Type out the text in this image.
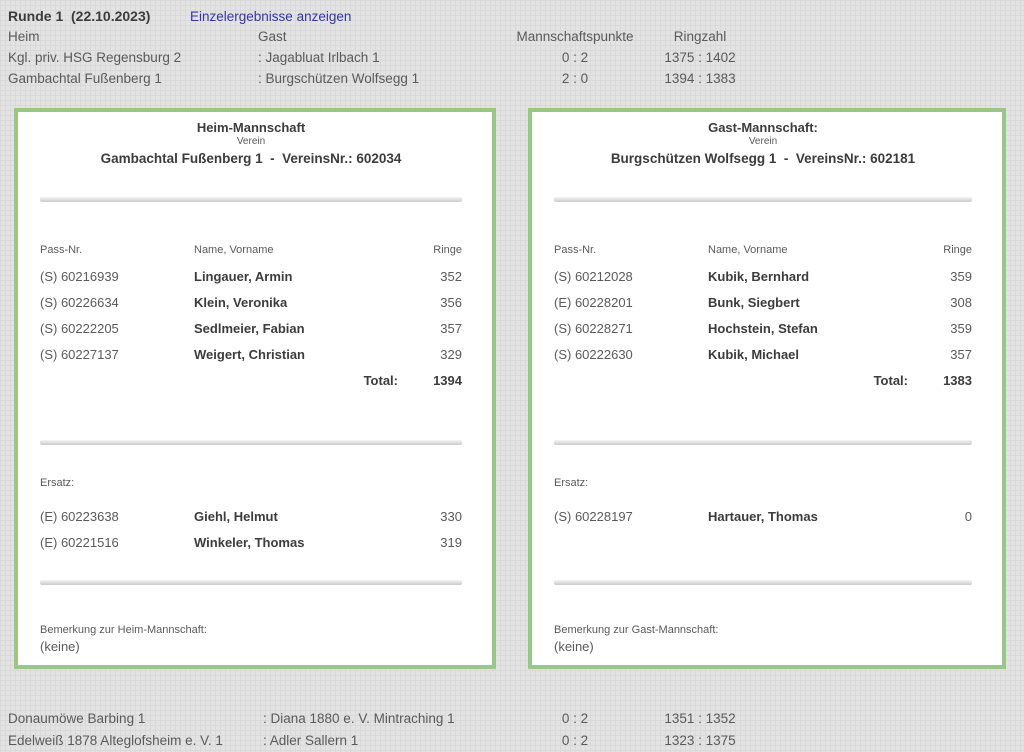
Runde 1  (22.10.2023)	Einzelergebnisse anzeigen
Heim	Gast	Mannschaftspunkte	Ringzahl
Kgl. priv. HSG Regensburg 2	: Jagabluat Irlbach 1	0 : 2	1375 : 1402
Gambachtal Fußenberg 1	: Burgschützen Wolfsegg 1	2 : 0	1394 : 1383
Heim-Mannschaft
Verein
Gambachtal Fußenberg 1  -  VereinsNr.: 602034
Pass-Nr.	Name, Vorname	Ringe
(S) 60216939	Lingauer, Armin	352
(S) 60226634	Klein, Veronika	356
(S) 60222205	Sedlmeier, Fabian	357
(S) 60227137	Weigert, Christian	329
Total:	1394
Ersatz:
(E) 60223638	Giehl, Helmut	330
(E) 60221516	Winkeler, Thomas	319
Bemerkung zur Heim-Mannschaft:
(keine)
Gast-Mannschaft:
Verein
Burgschützen Wolfsegg 1  -  VereinsNr.: 602181
Pass-Nr.	Name, Vorname	Ringe
(S) 60212028	Kubik, Bernhard	359
(E) 60228201	Bunk, Siegbert	308
(S) 60228271	Hochstein, Stefan	359
(S) 60222630	Kubik, Michael	357
Total:	1383
Ersatz:
(S) 60228197	Hartauer, Thomas	0
Bemerkung zur Gast-Mannschaft:
(keine)
Donaumöwe Barbing 1	: Diana 1880 e. V. Mintraching 1	0 : 2	1351 : 1352
Edelweiß 1878 Alteglofsheim e. V. 1	: Adler Sallern 1	0 : 2	1323 : 1375
